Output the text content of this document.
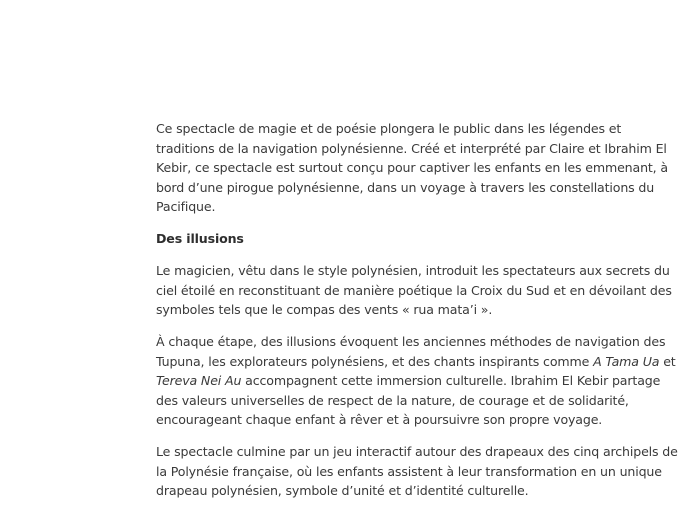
Ce spectacle de magie et de poésie plongera le public dans les légendes et traditions de la navigation polynésienne. Créé et interprété par Claire et Ibrahim El Kebir, ce spectacle est surtout conçu pour captiver les enfants en les emmenant, à bord d’une pirogue polynésienne, dans un voyage à travers les constellations du Pacifique.

Des illusions

Le magicien, vêtu dans le style polynésien, introduit les spectateurs aux secrets du ciel étoilé en reconstituant de manière poétique la Croix du Sud et en dévoilant des symboles tels que le compas des vents « rua mata’i ».

À chaque étape, des illusions évoquent les anciennes méthodes de navigation des Tupuna, les explorateurs polynésiens, et des chants inspirants comme A Tama Ua et Tereva Nei Au accompagnent cette immersion culturelle. Ibrahim El Kebir partage des valeurs universelles de respect de la nature, de courage et de solidarité, encourageant chaque enfant à rêver et à poursuivre son propre voyage.

Le spectacle culmine par un jeu interactif autour des drapeaux des cinq archipels de la Polynésie française, où les enfants assistent à leur transformation en un unique drapeau polynésien, symbole d’unité et d’identité culturelle.
